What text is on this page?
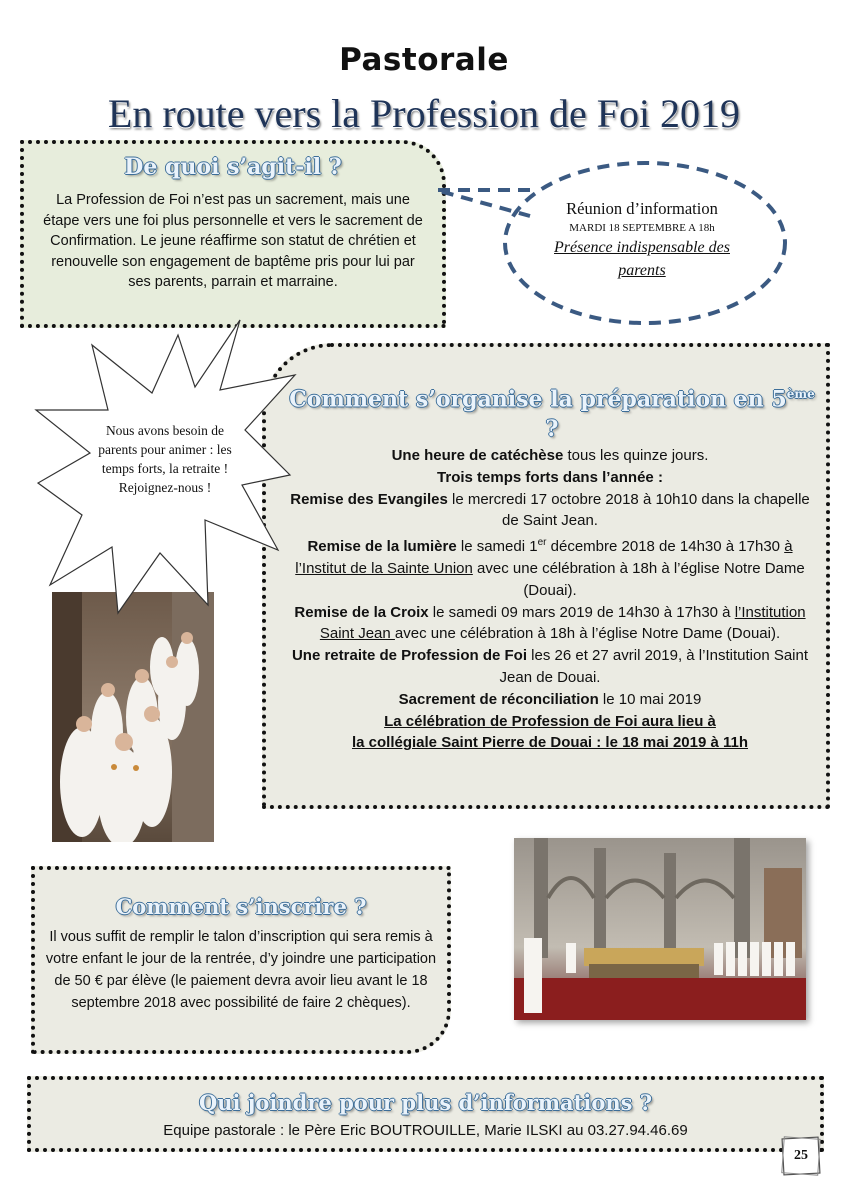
Pastorale
En route vers la Profession de Foi 2019
De quoi s’agit-il ?
La Profession de Foi n’est pas un sacrement, mais une étape vers une foi plus personnelle et vers le sacrement de Confirmation. Le jeune réaffirme son statut de chrétien et renouvelle son engagement de baptême pris pour lui par ses parents, parrain et marraine.
Réunion d’information
MARDI 18 SEPTEMBRE A 18h
Présence indispensable des parents
Comment s’organise la préparation en 5ème ?
Une heure de catéchèse tous les quinze jours.
Trois temps forts dans l’année :
Remise des Evangiles le mercredi 17 octobre 2018 à 10h10 dans la chapelle de Saint Jean.
Remise de la lumière le samedi 1er décembre 2018 de 14h30 à 17h30 à l’Institut de la Sainte Union avec une célébration à 18h à l’église Notre Dame (Douai).
Remise de la Croix le samedi 09 mars 2019 de 14h30 à 17h30 à l’Institution Saint Jean avec une célébration à 18h à l’église Notre Dame (Douai).
Une retraite de Profession de Foi les 26 et 27 avril 2019, à l’Institution Saint Jean de Douai.
Sacrement de réconciliation le 10 mai 2019
La célébration de Profession de Foi aura lieu à
la collégiale Saint Pierre de Douai : le 18 mai 2019 à 11h
Nous avons besoin de parents pour animer : les temps forts, la retraite ! Rejoignez-nous !
Comment s’inscrire ?
Il vous suffit de remplir le talon d’inscription qui sera remis à votre enfant le jour de la rentrée, d’y joindre une participation de 50 € par élève (le paiement devra avoir lieu avant le 18 septembre 2018 avec possibilité de faire 2 chèques).
Qui joindre pour plus d’informations ?
Equipe pastorale : le Père Eric BOUTROUILLE, Marie ILSKI au 03.27.94.46.69
25
